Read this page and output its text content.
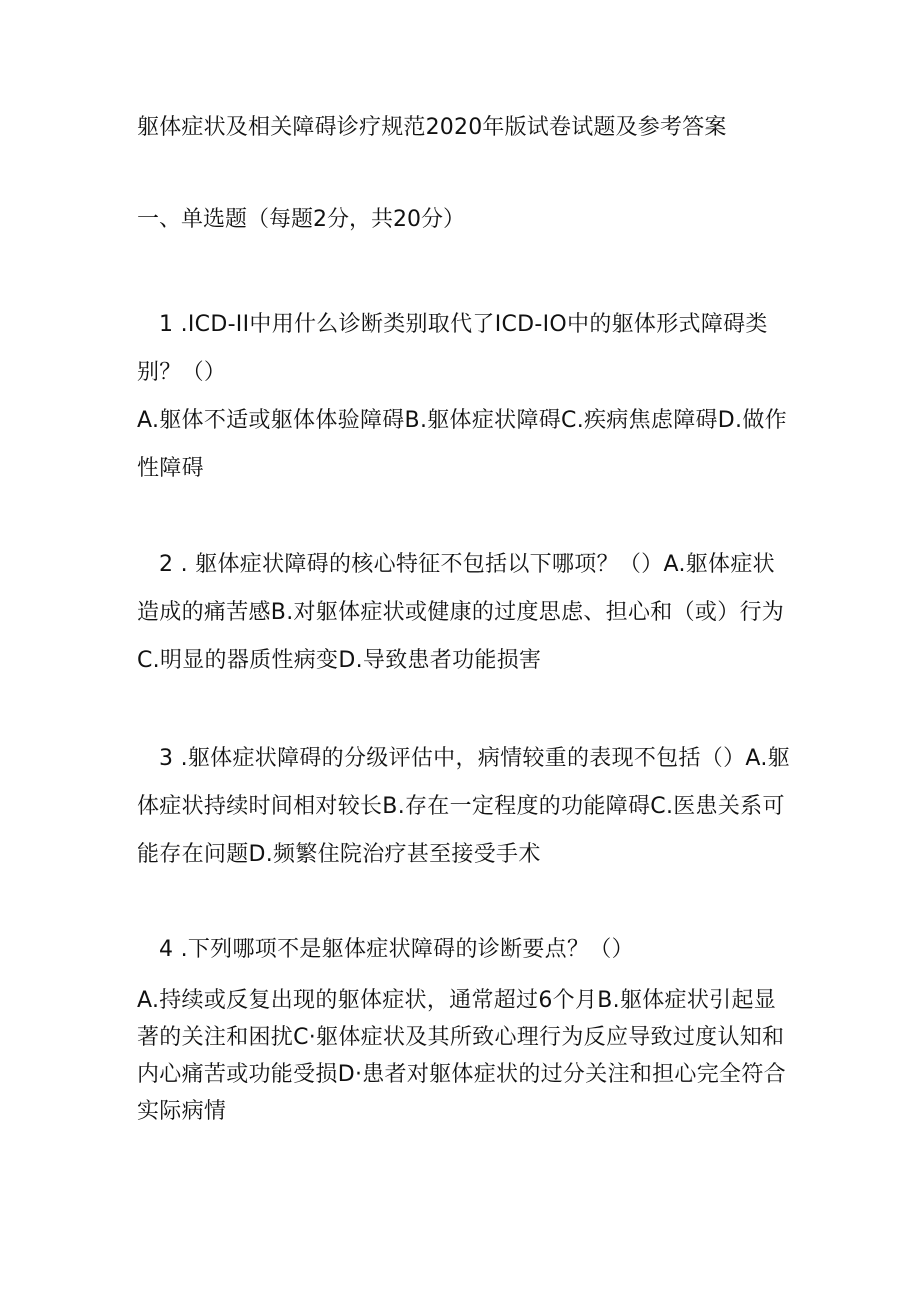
躯体症状及相关障碍诊疗规范2020年版试卷试题及参考答案
一、单选题（每题2分，共20分）
1 .ICD-II中用什么诊断类别取代了ICD-IO中的躯体形式障碍类别？（）
A.躯体不适或躯体体验障碍B.躯体症状障碍C.疾病焦虑障碍D.做作性障碍
2 . 躯体症状障碍的核心特征不包括以下哪项？（）A.躯体症状造成的痛苦感B.对躯体症状或健康的过度思虑、担心和（或）行为C.明显的器质性病变D.导致患者功能损害
3 .躯体症状障碍的分级评估中，病情较重的表现不包括（）A.躯体症状持续时间相对较长B.存在一定程度的功能障碍C.医患关系可能存在问题D.频繁住院治疗甚至接受手术
4 .下列哪项不是躯体症状障碍的诊断要点？（）
A.持续或反复出现的躯体症状，通常超过6个月B.躯体症状引起显著的关注和困扰C·躯体症状及其所致心理行为反应导致过度认知和内心痛苦或功能受损D·患者对躯体症状的过分关注和担心完全符合实际病情
